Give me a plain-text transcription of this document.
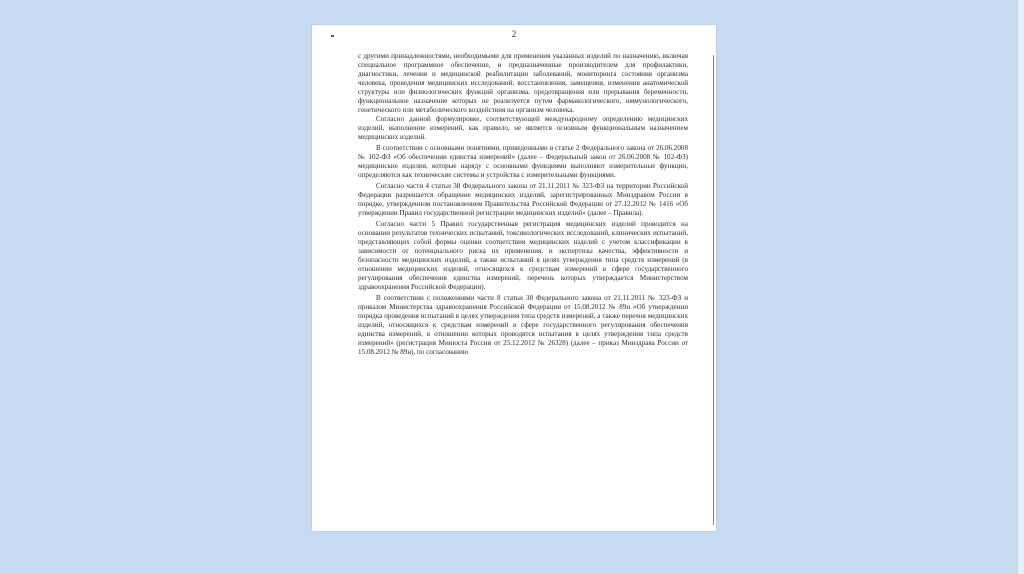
2

с другими принадлежностями, необходимыми для применения указанных изделий по назначению, включая специальное программное обеспечение, и предназначенные производителем для профилактики, диагностики, лечения и медицинской реабилитации заболеваний, мониторинга состояния организма человека, проведения медицинских исследований, восстановления, замещения, изменения анатомической структуры или физиологических функций организма, предотвращения или прерывания беременности, функциональное назначение которых не реализуется путем фармакологического, иммунологического, генетического или метаболического воздействия на организм человека.

Согласно данной формулировке, соответствующей международному определению медицинских изделий, выполнение измерений, как правило, не является основным функциональным назначением медицинских изделий.

В соответствии с основными понятиями, приведенными в статье 2 Федерального закона от 26.06.2008 № 102-ФЗ «Об обеспечении единства измерений» (далее – Федеральный закон от 26.06.2008 № 102-ФЗ) медицинские изделия, которые наряду с основными функциями выполняют измерительные функции, определяются как технические системы и устройства с измерительными функциями.

Согласно части 4 статьи 38 Федерального закона от 21.11.2011 № 323-ФЗ на территории Российской Федерации разрешается обращение медицинских изделий, зарегистрированных Минздравом России в порядке, утвержденном постановлением Правительства Российской Федерации от 27.12.2012 № 1416 «Об утверждении Правил государственной регистрации медицинских изделий» (далее – Правила).

Согласно части 5 Правил государственная регистрация медицинских изделий проводится на основании результатов технических испытаний, токсикологических исследований, клинических испытаний, представляющих собой формы оценки соответствия медицинских изделий с учетом классификации в зависимости от потенциального риска их применения, и экспертизы качества, эффективности и безопасности медицинских изделий, а также испытаний в целях утверждения типа средств измерений (в отношении медицинских изделий, относящихся к средствам измерений в сфере государственного регулирования обеспечения единства измерений, перечень которых утверждается Министерством здравоохранения Российской Федерации).

В соответствии с положениями части 8 статьи 38 Федерального закона от 21.11.2011 № 323-ФЗ и приказом Министерства здравоохранения Российской Федерации от 15.08.2012 № 89н «Об утверждении порядка проведения испытаний в целях утверждения типа средств измерений, а также перечня медицинских изделий, относящихся к средствам измерений в сфере государственного регулирования обеспечения единства измерений, в отношении которых проводятся испытания в целях утверждения типа средств измерений» (регистрация Минюста России от 25.12.2012 № 26328) (далее – приказ Минздрава России от 15.08.2012 № 89н), по согласованию
